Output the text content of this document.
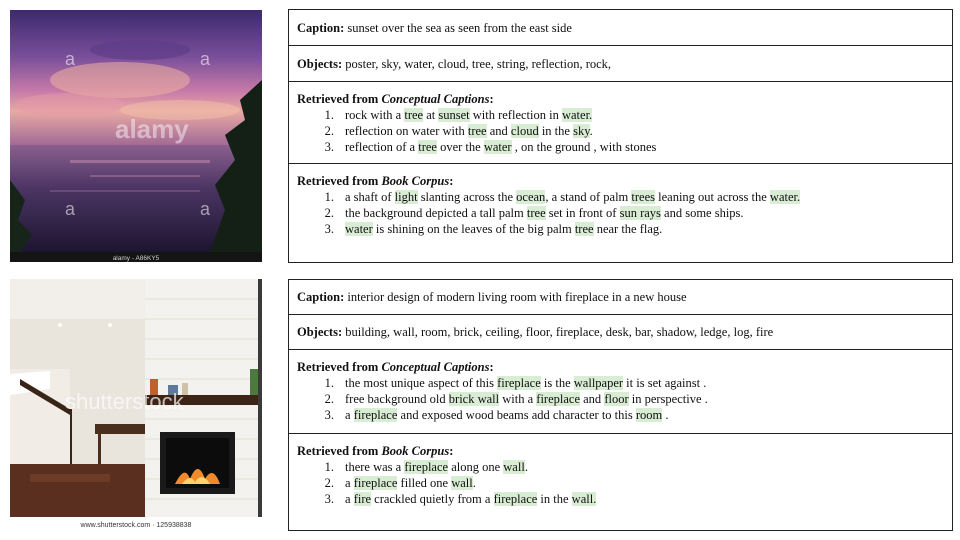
a	a
alamy
a	a
alamy - A86KY5
shutterstock
www.shutterstock.com · 125938838
Caption: sunset over the sea as seen from the east side
Objects: poster, sky, water, cloud, tree, string, reflection, rock,
Retrieved from Conceptual Captions:
1. rock with a tree at sunset with reflection in water.
2. reflection on water with tree and cloud in the sky.
3. reflection of a tree over the water , on the ground , with stones
Retrieved from Book Corpus:
1. a shaft of light slanting across the ocean, a stand of palm trees leaning out across the water.
2. the background depicted a tall palm tree set in front of sun rays and some ships.
3. water is shining on the leaves of the big palm tree near the flag.
Caption: interior design of modern living room with fireplace in a new house
Objects: building, wall, room, brick, ceiling, floor, fireplace, desk, bar, shadow, ledge, log, fire
Retrieved from Conceptual Captions:
1. the most unique aspect of this fireplace is the wallpaper it is set against .
2. free background old brick wall with a fireplace and floor in perspective .
3. a fireplace and exposed wood beams add character to this room .
Retrieved from Book Corpus:
1. there was a fireplace along one wall.
2. a fireplace filled one wall.
3. a fire crackled quietly from a fireplace in the wall.
